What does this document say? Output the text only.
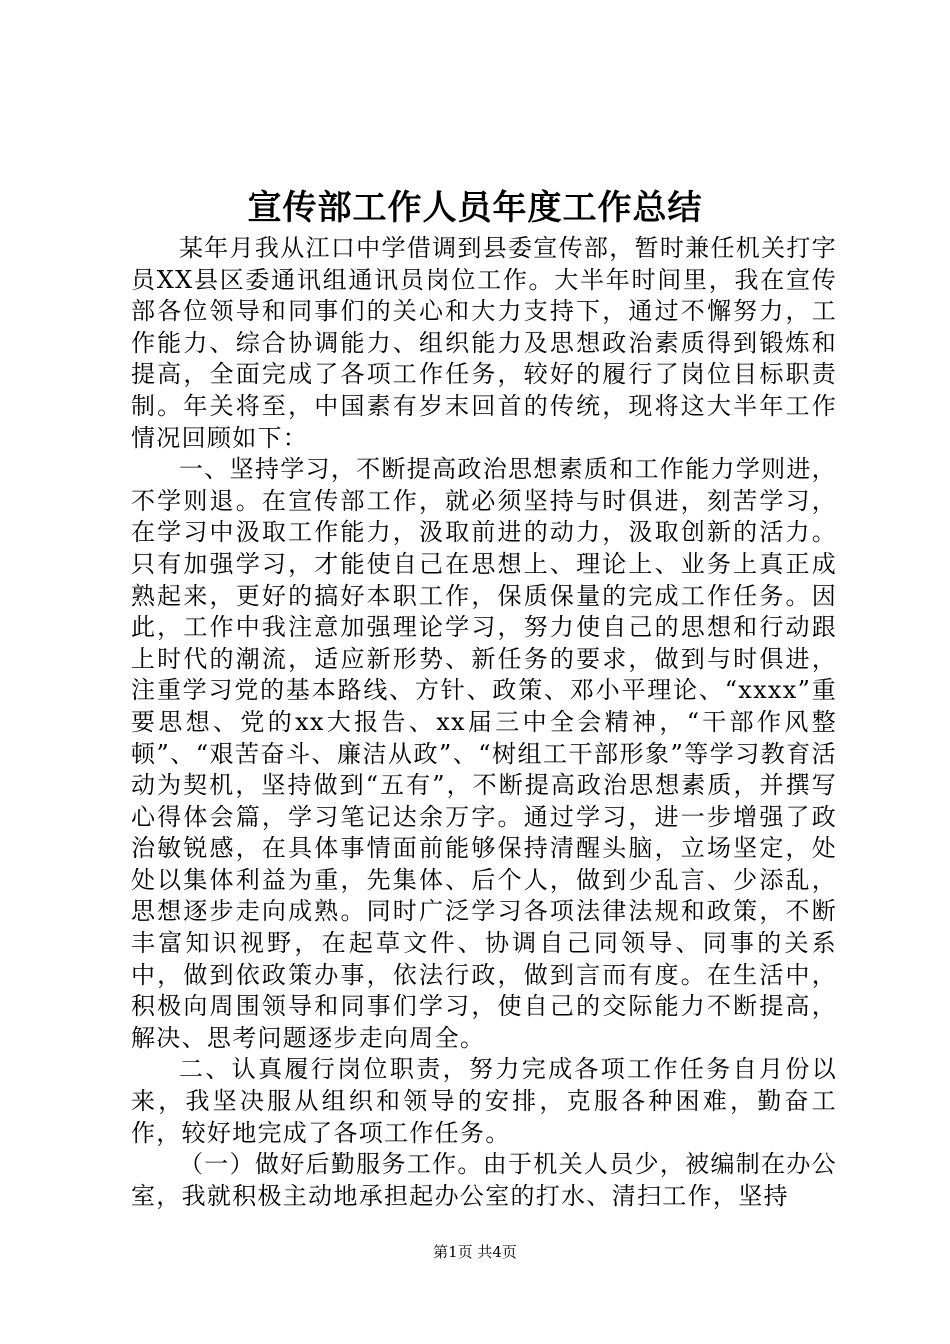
宣传部工作人员年度工作总结

某年月我从江口中学借调到县委宣传部，暂时兼任机关打字员XX县区委通讯组通讯员岗位工作。大半年时间里，我在宣传部各位领导和同事们的关心和大力支持下，通过不懈努力，工作能力、综合协调能力、组织能力及思想政治素质得到锻炼和提高，全面完成了各项工作任务，较好的履行了岗位目标职责制。年关将至，中国素有岁末回首的传统，现将这大半年工作情况回顾如下：

一、坚持学习，不断提高政治思想素质和工作能力学则进，不学则退。在宣传部工作，就必须坚持与时俱进，刻苦学习，在学习中汲取工作能力，汲取前进的动力，汲取创新的活力。只有加强学习，才能使自己在思想上、理论上、业务上真正成熟起来，更好的搞好本职工作，保质保量的完成工作任务。因此，工作中我注意加强理论学习，努力使自己的思想和行动跟上时代的潮流，适应新形势、新任务的要求，做到与时俱进，注重学习党的基本路线、方针、政策、邓小平理论、“xxxx”重要思想、党的xx大报告、xx届三中全会精神，“干部作风整顿”、“艰苦奋斗、廉洁从政”、“树组工干部形象”等学习教育活动为契机，坚持做到“五有”，不断提高政治思想素质，并撰写心得体会篇，学习笔记达余万字。通过学习，进一步增强了政治敏锐感，在具体事情面前能够保持清醒头脑，立场坚定，处处以集体利益为重，先集体、后个人，做到少乱言、少添乱，思想逐步走向成熟。同时广泛学习各项法律法规和政策，不断丰富知识视野，在起草文件、协调自己同领导、同事的关系中，做到依政策办事，依法行政，做到言而有度。在生活中，积极向周围领导和同事们学习，使自己的交际能力不断提高，解决、思考问题逐步走向周全。

二、认真履行岗位职责，努力完成各项工作任务自月份以来，我坚决服从组织和领导的安排，克服各种困难，勤奋工作，较好地完成了各项工作任务。

（一）做好后勤服务工作。由于机关人员少，被编制在办公室，我就积极主动地承担起办公室的打水、清扫工作，坚持

第1页 共4页
